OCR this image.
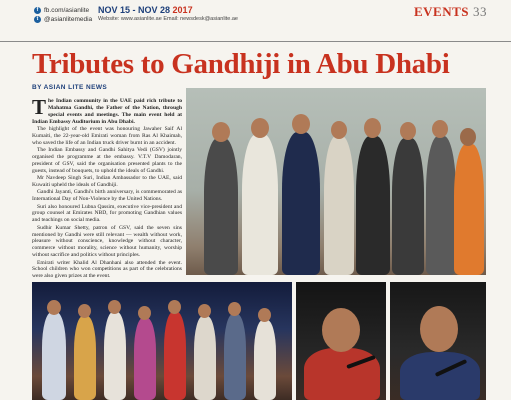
f fb.com/asianlite
t @asianlitemedia
NOV 15 - NOV 28 2017
Website: www.asianlite.ae Email: newsdesk@asianlite.ae	EVENTS 33
Tributes to Gandhiji in Abu Dhabi
BY ASIAN LITE NEWS

The Indian community in the UAE paid rich tribute to Mahatma Gandhi, the Father of the Nation, through special events and meetings. The main event held at Indian Embassy Auditorium in Abu Dhabi.

The highlight of the event was honouring Jawaher Saif Al Kumaiti, the 22-year-old Emirati woman from Ras Al Khaimah, who saved the life of an Indian truck driver burnt in an accident.

The Indian Embassy and Gandhi Sahitya Vedi (GSV) jointly organised the programme at the embassy. V.T.V Damodaran, president of GSV, said the organisation presented plants to the guests, instead of bouquets, to uphold the ideals of Gandhi.

Mr Navdeep Singh Suri, Indian Ambassador to the UAE, said Kuwaiti upheld the ideals of Gandhiji.

Gandhi Jayanti, Gandhi's birth anniversary, is commemorated as International Day of Non-Violence by the United Nations.

Suri also honoured Lubna Qassim, executive vice-president and group counsel at Emirates NBD, for promoting Gandhian values and teachings on social media.

Sudhir Kumar Shetty, patron of GSV, said the seven sins mentioned by Gandhi were still relevant — wealth without work, pleasure without conscience, knowledge without character, commerce without morality, science without humanity, worship without sacrifice and politics without principles.

Emirati writer Khalid Al Dhanhani also attended the event. School children who won competitions as part of the celebrations were also given prizes at the event.
